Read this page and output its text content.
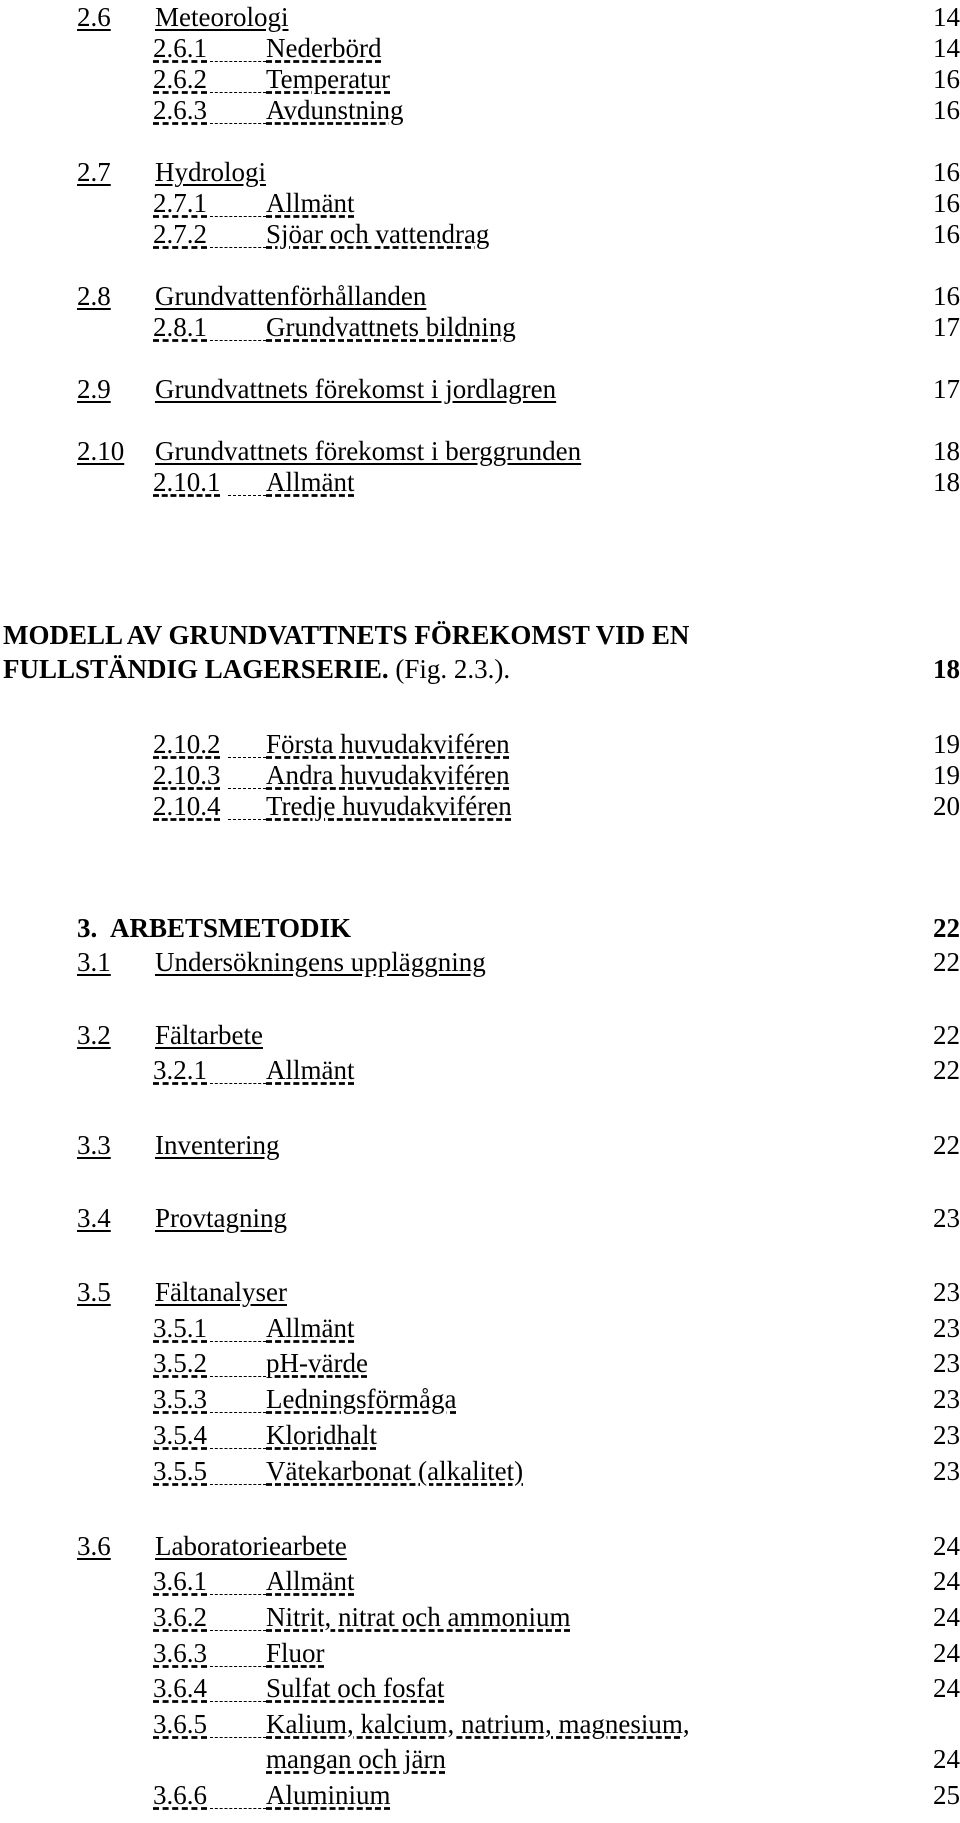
2.6 Meteorologi	14
2.6.1 Nederbörd	14
2.6.2 Temperatur	16
2.6.3 Avdunstning	16
2.7 Hydrologi	16
2.7.1 Allmänt	16
2.7.2 Sjöar och vattendrag	16
2.8 Grundvattenförhållanden	16
2.8.1 Grundvattnets bildning	17
2.9 Grundvattnets förekomst i jordlagren	17
2.10 Grundvattnets förekomst i berggrunden	18
2.10.1 Allmänt	18
MODELL AV GRUNDVATTNETS FÖREKOMST VID EN
FULLSTÄNDIG LAGERSERIE. (Fig. 2.3.).	18
2.10.2 Första huvudakviféren	19
2.10.3 Andra huvudakviféren	19
2.10.4 Tredje huvudakviféren	20
3. ARBETSMETODIK	22
3.1 Undersökningens uppläggning	22
3.2 Fältarbete	22
3.2.1 Allmänt	22
3.3 Inventering	22
3.4 Provtagning	23
3.5 Fältanalyser	23
3.5.1 Allmänt	23
3.5.2 pH-värde	23
3.5.3 Ledningsförmåga	23
3.5.4 Kloridhalt	23
3.5.5 Vätekarbonat (alkalitet)	23
3.6 Laboratoriearbete	24
3.6.1 Allmänt	24
3.6.2 Nitrit, nitrat och ammonium	24
3.6.3 Fluor	24
3.6.4 Sulfat och fosfat	24
3.6.5 Kalium, kalcium, natrium, magnesium,
mangan och järn	24
3.6.6 Aluminium	25
